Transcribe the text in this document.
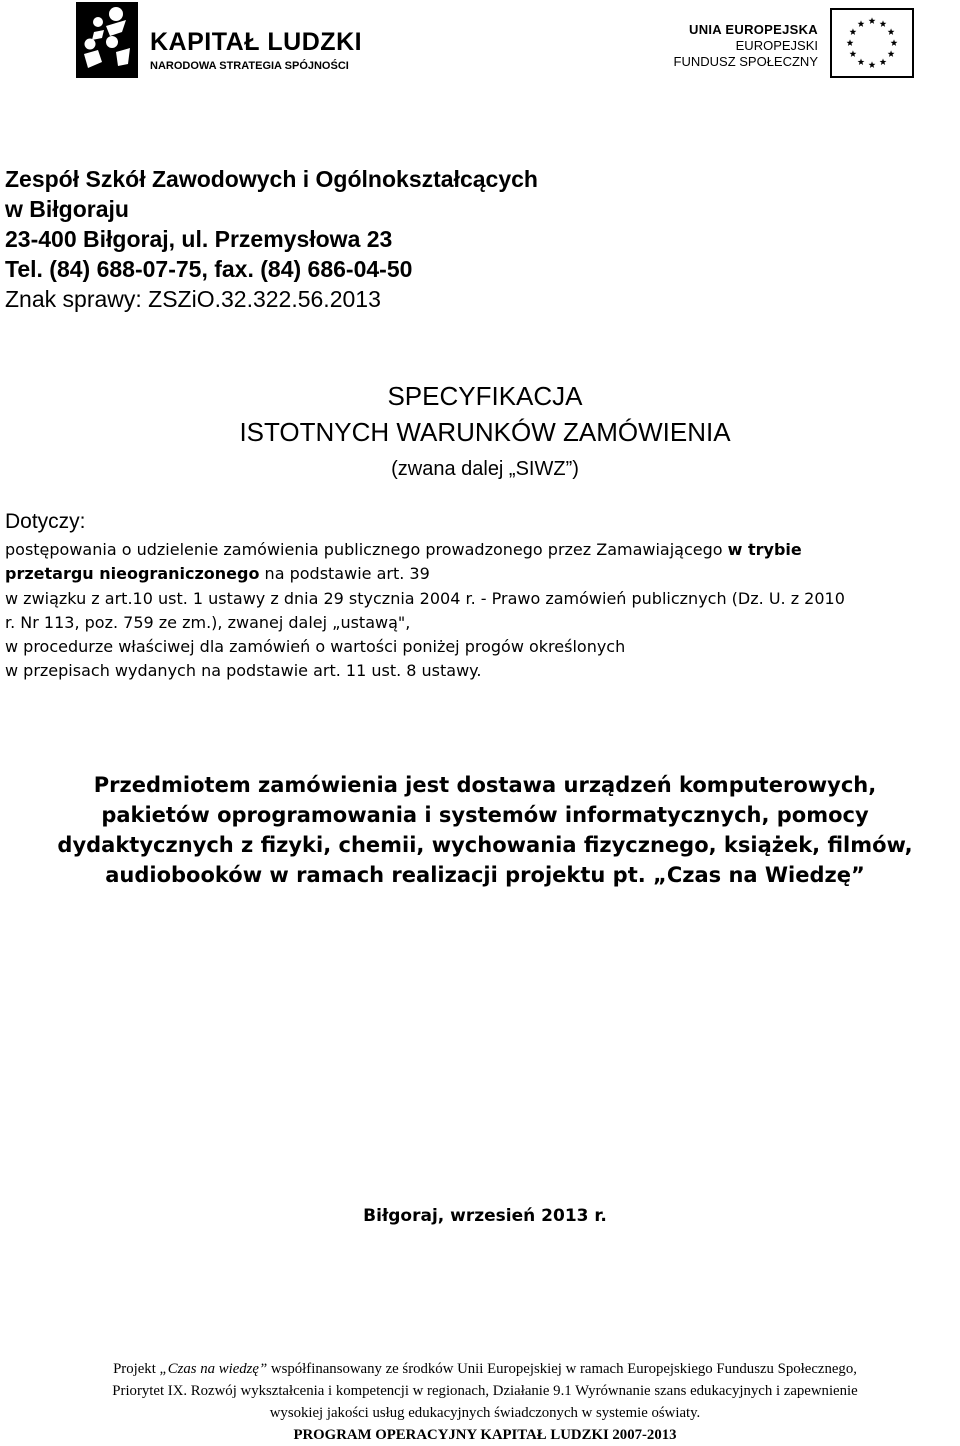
KAPITAŁ LUDZKI
NARODOWA STRATEGIA SPÓJNOŚCI
UNIA EUROPEJSKA
EUROPEJSKI
FUNDUSZ SPOŁECZNY
Zespół Szkół Zawodowych i Ogólnokształcących
w Biłgoraju
23-400 Biłgoraj, ul. Przemysłowa 23
Tel. (84) 688-07-75, fax. (84) 686-04-50
Znak sprawy: ZSZiO.32.322.56.2013
SPECYFIKACJA
ISTOTNYCH WARUNKÓW ZAMÓWIENIA
(zwana dalej „SIWZ”)
Dotyczy:
postępowania o udzielenie zamówienia publicznego prowadzonego przez Zamawiającego w trybie
przetargu nieograniczonego na podstawie art. 39
w związku z art.10 ust. 1 ustawy z dnia 29 stycznia 2004 r. - Prawo zamówień publicznych (Dz. U. z 2010
r. Nr 113, poz. 759 ze zm.), zwanej dalej „ustawą",
w procedurze właściwej dla zamówień o wartości poniżej progów określonych
w przepisach wydanych na podstawie art. 11 ust. 8 ustawy.
Przedmiotem zamówienia jest dostawa urządzeń komputerowych,
pakietów oprogramowania i systemów informatycznych, pomocy
dydaktycznych z fizyki, chemii, wychowania fizycznego, książek, filmów,
audiobooków w ramach realizacji projektu pt. „Czas na Wiedzę”
Biłgoraj, wrzesień 2013 r.
Projekt „Czas na wiedzę” współfinansowany ze środków Unii Europejskiej w ramach Europejskiego Funduszu Społecznego,
Priorytet IX. Rozwój wykształcenia i kompetencji w regionach, Działanie 9.1 Wyrównanie szans edukacyjnych i zapewnienie
wysokiej jakości usług edukacyjnych świadczonych w systemie oświaty.
PROGRAM OPERACYJNY KAPITAŁ LUDZKI 2007-2013
